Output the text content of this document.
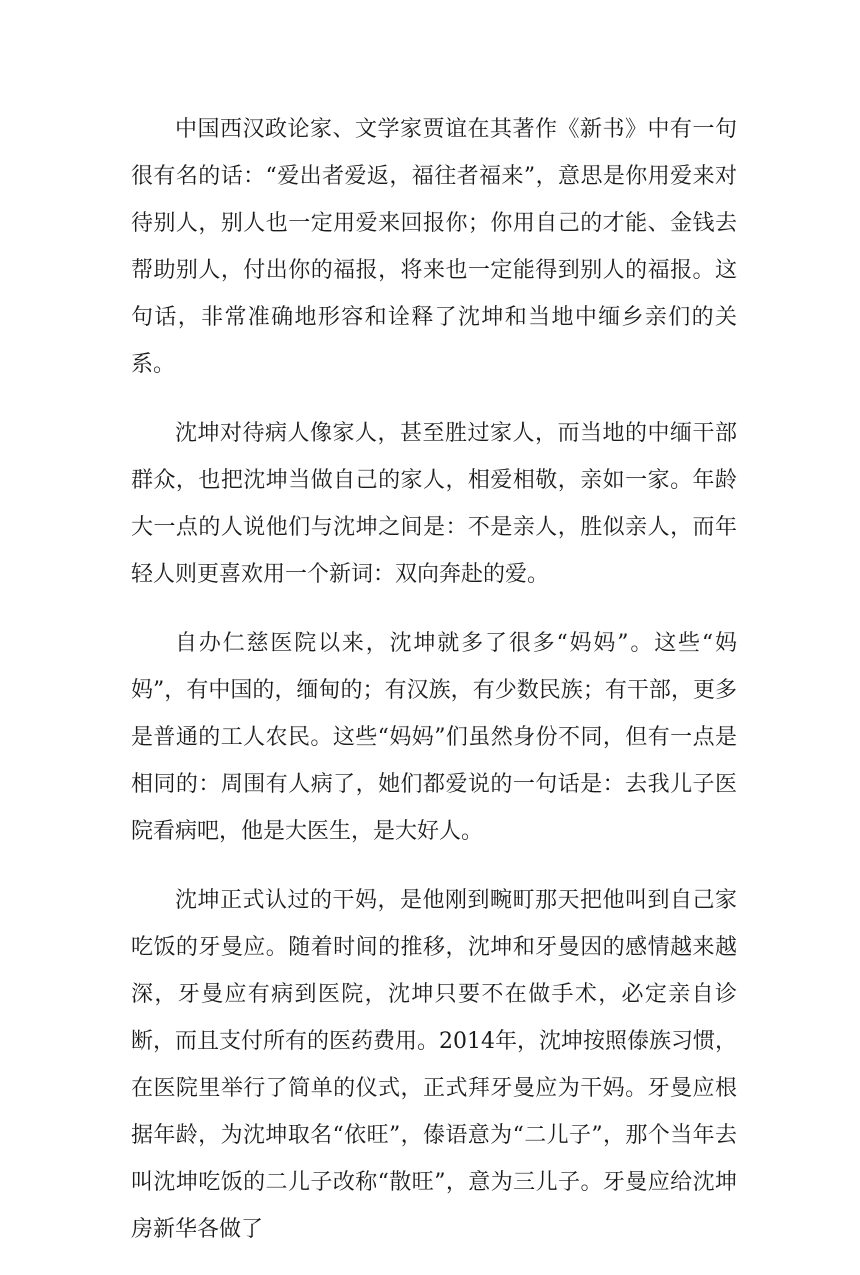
中国西汉政论家、文学家贾谊在其著作《新书》中有一句很有名的话：“爱出者爱返，福往者福来”，意思是你用爱来对待别人，别人也一定用爱来回报你；你用自己的才能、金钱去帮助别人，付出你的福报，将来也一定能得到别人的福报。这句话，非常准确地形容和诠释了沈坤和当地中缅乡亲们的关系。

沈坤对待病人像家人，甚至胜过家人，而当地的中缅干部群众，也把沈坤当做自己的家人，相爱相敬，亲如一家。年龄大一点的人说他们与沈坤之间是：不是亲人，胜似亲人，而年轻人则更喜欢用一个新词：双向奔赴的爱。

自办仁慈医院以来，沈坤就多了很多“妈妈”。这些“妈妈”，有中国的，缅甸的；有汉族，有少数民族；有干部，更多是普通的工人农民。这些“妈妈”们虽然身份不同，但有一点是相同的：周围有人病了，她们都爱说的一句话是：去我儿子医院看病吧，他是大医生，是大好人。

沈坤正式认过的干妈，是他刚到畹町那天把他叫到自己家吃饭的牙曼应。随着时间的推移，沈坤和牙曼因的感情越来越深，牙曼应有病到医院，沈坤只要不在做手术，必定亲自诊断，而且支付所有的医药费用。2014年，沈坤按照傣族习惯，在医院里举行了简单的仪式，正式拜牙曼应为干妈。牙曼应根据年龄，为沈坤取名“依旺”，傣语意为“二儿子”，那个当年去叫沈坤吃饭的二儿子改称“散旺”，意为三儿子。牙曼应给沈坤房新华各做了
